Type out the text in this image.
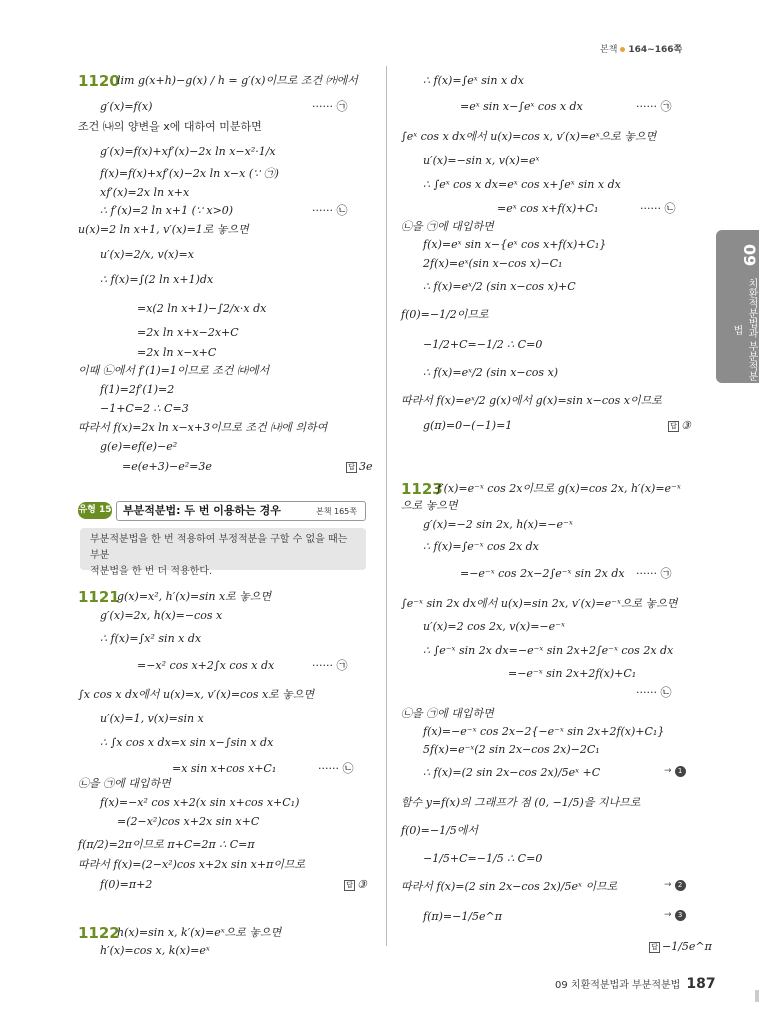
본책 164~166쪽
09
치환적분법과 부분적분법
1120
lim g(x+h)−g(x) / h = g′(x)이므로 조건 ㈎에서
g′(x)=f(x)	······ ㉠
조건 ㈏의 양변을 x에 대하여 미분하면
g′(x)=f(x)+xf′(x)−2x ln x−x²·1/x
f(x)=f(x)+xf′(x)−2x ln x−x (∵ ㉠)
xf′(x)=2x ln x+x
∴ f′(x)=2 ln x+1 (∵ x>0)	······ ㉡
u(x)=2 ln x+1, v′(x)=1로 놓으면
u′(x)=2/x, v(x)=x
∴ f(x)=∫(2 ln x+1)dx
=x(2 ln x+1)−∫2/x·x dx
=2x ln x+x−2x+C
=2x ln x−x+C
이때 ㉡에서 f′(1)=1이므로 조건 ㈐에서
f(1)=2f′(1)=2
−1+C=2 ∴ C=3
따라서 f(x)=2x ln x−x+3이므로 조건 ㈏에 의하여
g(e)=ef(e)−e²
=e(e+3)−e²=3e	답 3e
유형 15	부분적분법: 두 번 이용하는 경우	본책 165쪽
부분적분법을 한 번 적용하여 부정적분을 구할 수 없을 때는 부분
적분법을 한 번 더 적용한다.
1121
g(x)=x², h′(x)=sin x로 놓으면
g′(x)=2x, h(x)=−cos x
∴ f(x)=∫x² sin x dx
=−x² cos x+2∫x cos x dx	······ ㉠
∫x cos x dx에서 u(x)=x, v′(x)=cos x로 놓으면
u′(x)=1, v(x)=sin x
∴ ∫x cos x dx=x sin x−∫sin x dx
=x sin x+cos x+C₁	······ ㉡
㉡을 ㉠에 대입하면
f(x)=−x² cos x+2(x sin x+cos x+C₁)
=(2−x²)cos x+2x sin x+C
f(π/2)=2π이므로 π+C=2π ∴ C=π
따라서 f(x)=(2−x²)cos x+2x sin x+π이므로
f(0)=π+2	답 ③
1122
h(x)=sin x, k′(x)=eˣ으로 놓으면
h′(x)=cos x, k(x)=eˣ
∴ f(x)=∫eˣ sin x dx
=eˣ sin x−∫eˣ cos x dx	······ ㉠
∫eˣ cos x dx에서 u(x)=cos x, v′(x)=eˣ으로 놓으면
u′(x)=−sin x, v(x)=eˣ
∴ ∫eˣ cos x dx=eˣ cos x+∫eˣ sin x dx
=eˣ cos x+f(x)+C₁	······ ㉡
㉡을 ㉠에 대입하면
f(x)=eˣ sin x−{eˣ cos x+f(x)+C₁}
2f(x)=eˣ(sin x−cos x)−C₁
∴ f(x)=eˣ/2 (sin x−cos x)+C
f(0)=−1/2이므로
−1/2+C=−1/2 ∴ C=0
∴ f(x)=eˣ/2 (sin x−cos x)
따라서 f(x)=eˣ/2 g(x)에서 g(x)=sin x−cos x이므로
g(π)=0−(−1)=1	답 ③
1123
f′(x)=e⁻ˣ cos 2x이므로 g(x)=cos 2x, h′(x)=e⁻ˣ
으로 놓으면
g′(x)=−2 sin 2x, h(x)=−e⁻ˣ
∴ f(x)=∫e⁻ˣ cos 2x dx
=−e⁻ˣ cos 2x−2∫e⁻ˣ sin 2x dx ······ ㉠
∫e⁻ˣ sin 2x dx에서 u(x)=sin 2x, v′(x)=e⁻ˣ으로 놓으면
u′(x)=2 cos 2x, v(x)=−e⁻ˣ
∴ ∫e⁻ˣ sin 2x dx=−e⁻ˣ sin 2x+2∫e⁻ˣ cos 2x dx
=−e⁻ˣ sin 2x+2f(x)+C₁
······ ㉡
㉡을 ㉠에 대입하면
f(x)=−e⁻ˣ cos 2x−2{−e⁻ˣ sin 2x+2f(x)+C₁}
5f(x)=e⁻ˣ(2 sin 2x−cos 2x)−2C₁
∴ f(x)=(2 sin 2x−cos 2x)/5eˣ +C	→ 1
함수 y=f(x)의 그래프가 점 (0, −1/5)을 지나므로
f(0)=−1/5에서
−1/5+C=−1/5 ∴ C=0
따라서 f(x)=(2 sin 2x−cos 2x)/5eˣ 이므로	→ 2
f(π)=−1/5e^π	→ 3
답 −1/5e^π
09 치환적분법과 부분적분법 187
